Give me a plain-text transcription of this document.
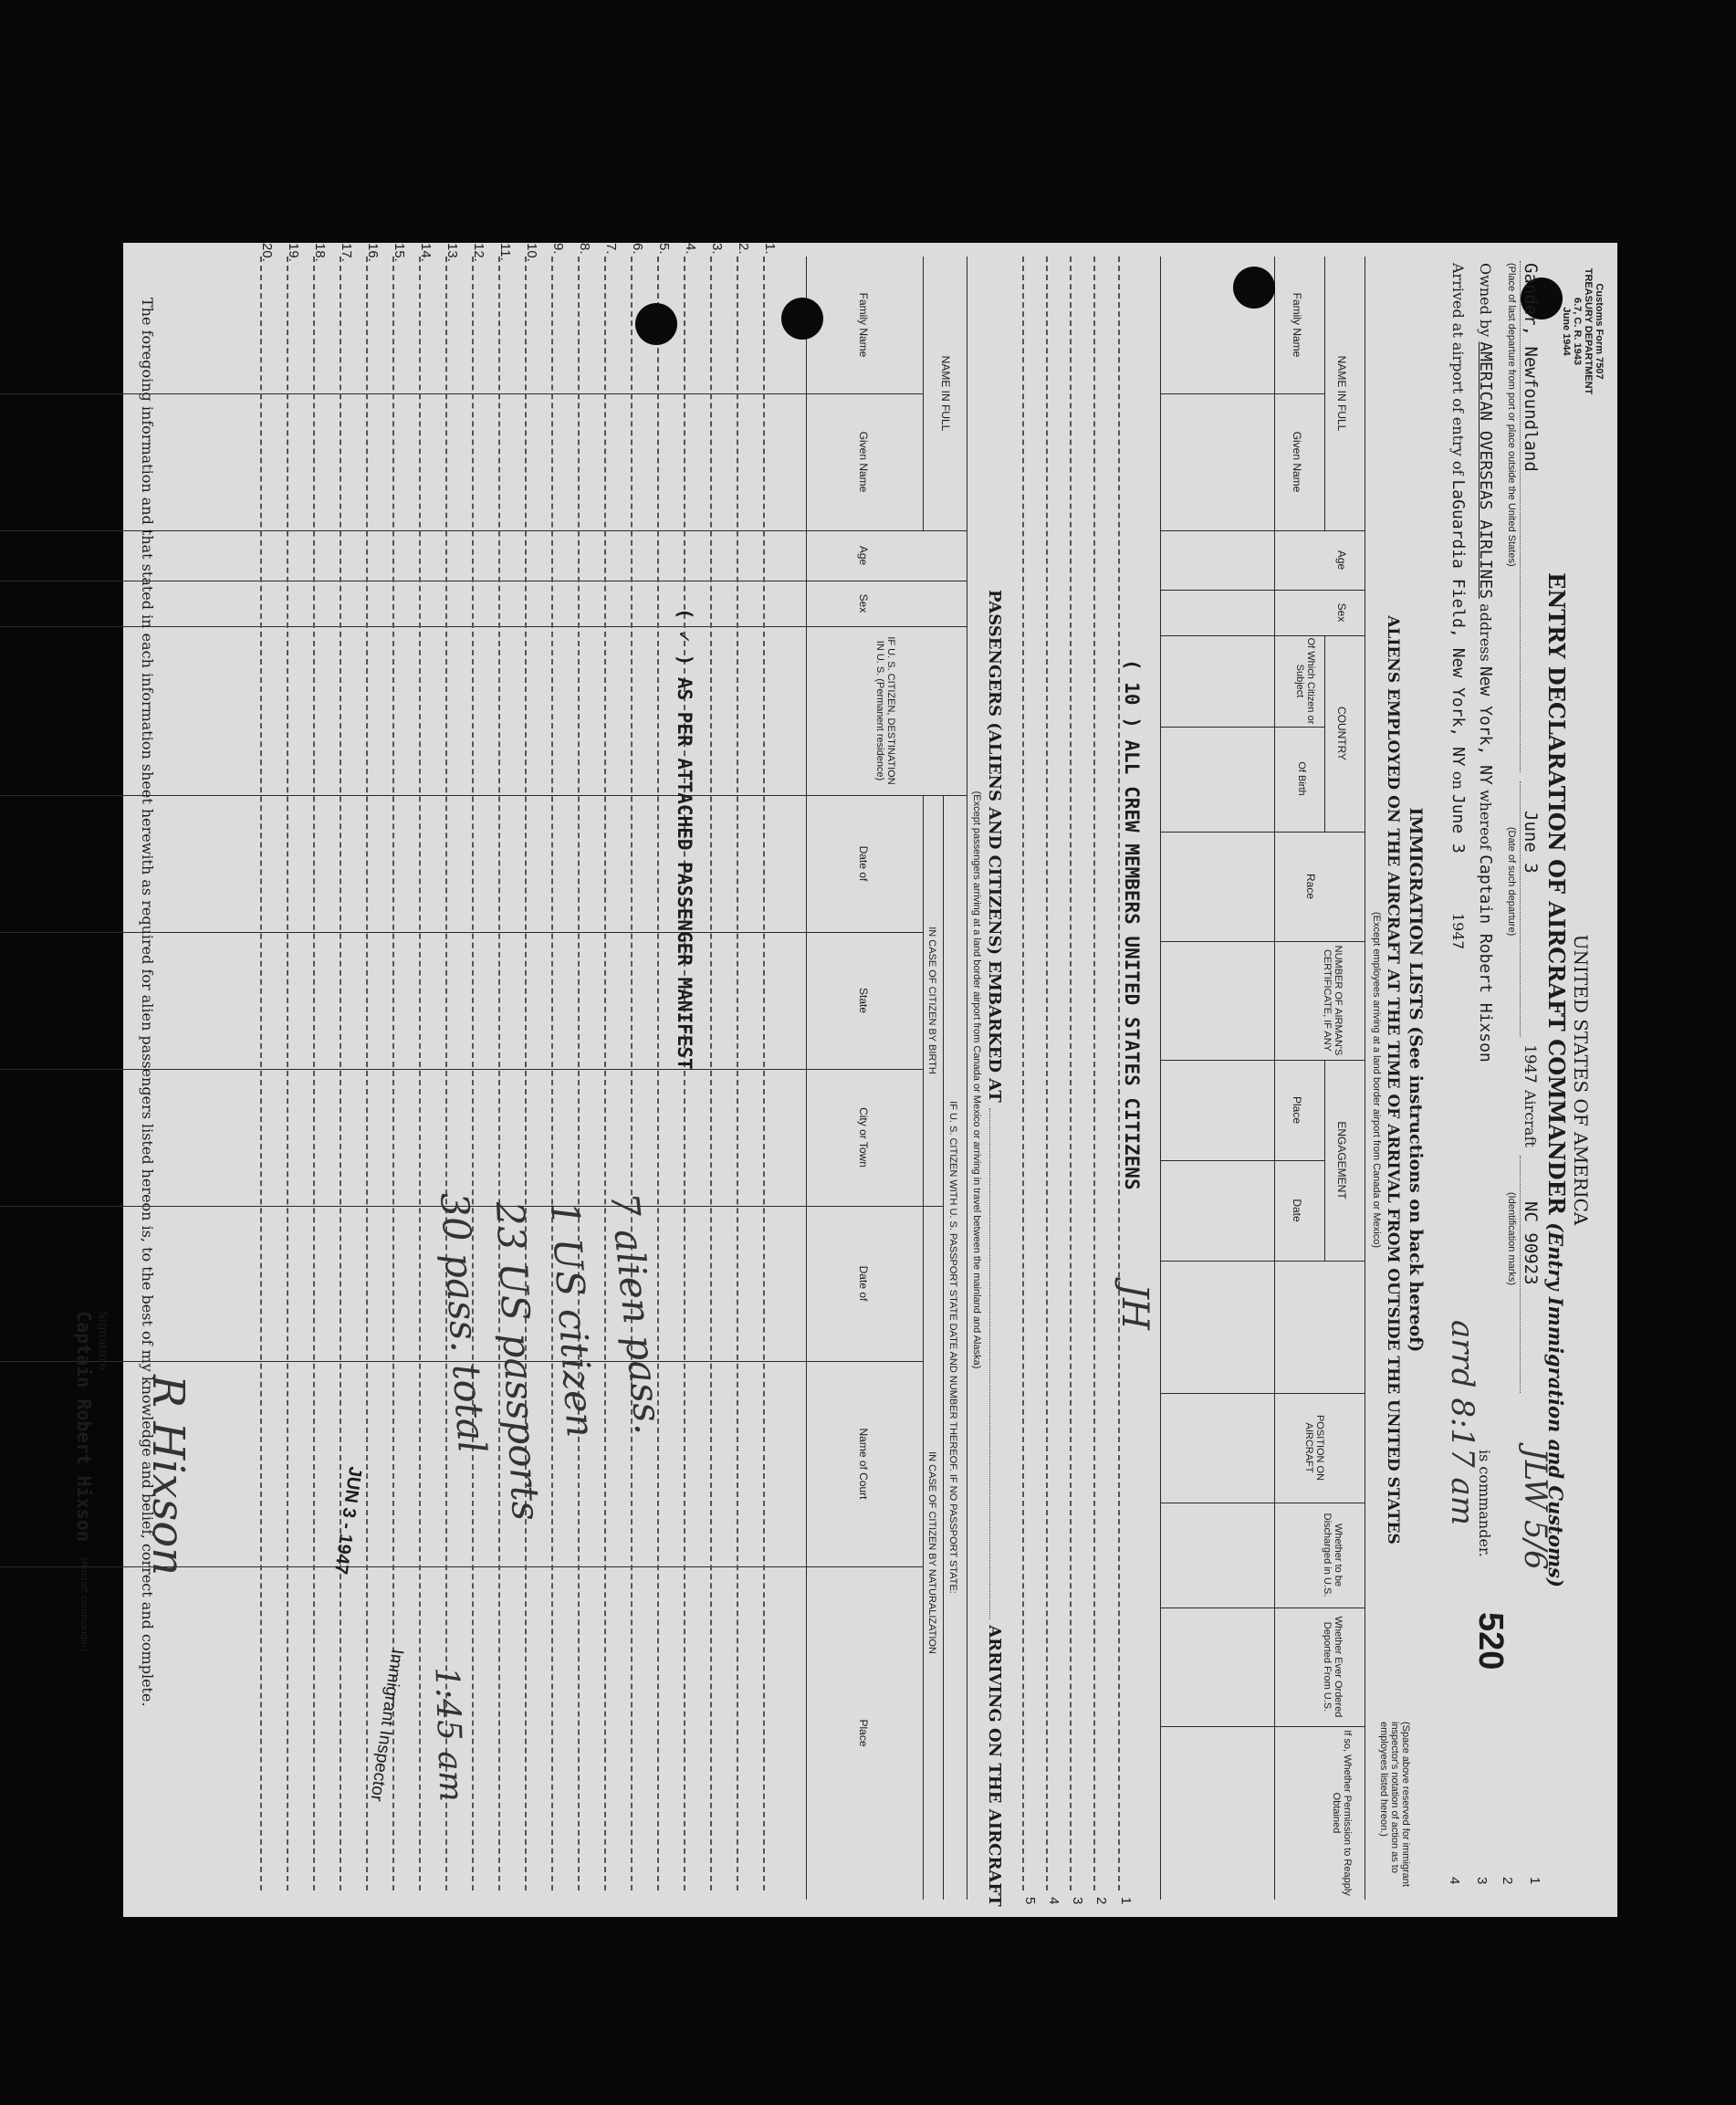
Customs Form 7507
TREASURY DEPARTMENT
6.7, C. R. 1943
June 1944
UNITED STATES OF AMERICA
ENTRY DECLARATION OF AIRCRAFT COMMANDER (Entry Immigration and Customs)
1
Gander, Newfoundland
June 3
1947
Aircraft
NC 90923
JLW 5/6
2
(Place of last departure from port or place outside the United States)
(Date of such departure)
(Identification marks)
3
Owned by AMERICAN OVERSEAS AIRLINES address New York, NY whereof Captain Robert Hixson
is commander.
520
4
Arrived at airport of entry of LaGuardia Field, New York, NY on June 3 1947
arrd 8:17 am
IMMIGRATION LISTS (See instructions on back hereof)
ALIENS EMPLOYED ON THE AIRCRAFT AT THE TIME OF ARRIVAL FROM OUTSIDE THE UNITED STATES
(Except employees arriving at a land border airport from Canada or Mexico)
(Space above reserved for immigrant inspector's notation of action as to employees listed hereon.)
NAME IN FULL
Family Name
Given Name
Age
Sex
COUNTRY
Of Which Citizen or Subject
Of Birth
Race
NUMBER OF AIRMAN'S CERTIFICATE, IF ANY
ENGAGEMENT
Place
Date
POSITION ON AIRCRAFT
Whether to be Discharged in U.S.
Whether Ever Ordered Deported From U.S.
If so, Whether Permission to Reapply Obtained
1
2
3
4
5
( 10 ) ALL CREW MEMBERS UNITED STATES CITIZENS
JH
PASSENGERS (ALIENS AND CITIZENS) EMBARKED AT  ARRIVING ON THE AIRCRAFT
(Except passengers arriving at a land border airport from Canada or Mexico or arriving in travel between the mainland and Alaska)
NAME IN FULL
Family Name
Given Name
Age
Sex
IF U. S. CITIZEN, DESTINATION IN U. S. (Permanent residence)
IF U. S. CITIZEN WITH U. S. PASSPORT STATE DATE AND NUMBER THEREOF. IF NO PASSPORT STATE:
IN CASE OF CITIZEN BY BIRTH
IN CASE OF CITIZEN BY NATURALIZATION
Date of
State
City or Town
Date of
Name of Court
Place
1.
2.
3.
4.
5.
6.
7.
8.
9.
10.
11.
12.
13.
14.
15.
16.
17.
18.
19.
20.
( ✓ ) AS PER ATTACHED PASSENGER MANIFEST
7 alien pass.
1 US citizen
23 US passports
30 pass. total
1:45 am
JUN 3 - 1947
Immigrant Inspector
The foregoing information and that stated in each information sheet herewith as required for alien passengers listed hereon is, to the best of my knowledge and belief, correct and complete.
Signature
Captain Robert Hixson
(Aircraft commander)
R Hixson
